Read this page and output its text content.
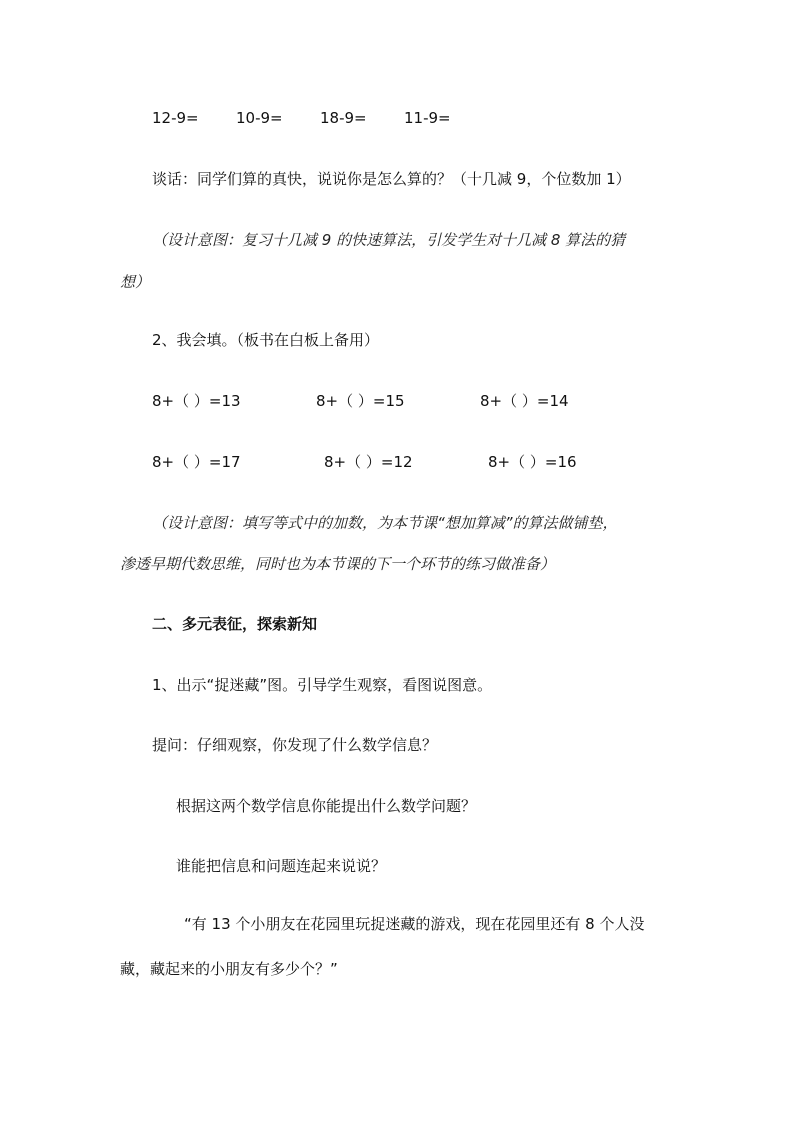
12-9= 10-9= 18-9= 11-9=
谈话：同学们算的真快，说说你是怎么算的？（十几减 9，个位数加 1）
（设计意图：复习十几减 9 的快速算法，引发学生对十几减 8 算法的猜
想）
2、我会填。（板书在白板上备用）
8+（ ）=13	8+（ ）=15	8+（ ）=14
8+（ ）=17	8+（ ）=12	8+（ ）=16
（设计意图：填写等式中的加数，为本节课“想加算减”的算法做铺垫，
渗透早期代数思维，同时也为本节课的下一个环节的练习做准备）
二、多元表征，探索新知
1、出示“捉迷藏”图。引导学生观察，看图说图意。
提问：仔细观察，你发现了什么数学信息？
根据这两个数学信息你能提出什么数学问题？
谁能把信息和问题连起来说说？
“有 13 个小朋友在花园里玩捉迷藏的游戏，现在花园里还有 8 个人没
藏，藏起来的小朋友有多少个？”
